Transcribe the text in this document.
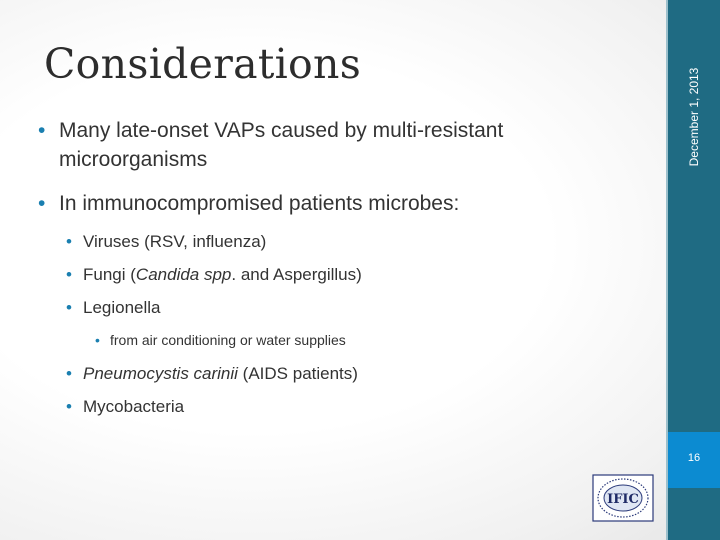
December 1, 2013
16
Considerations
• Many late-onset VAPs caused by multi-resistant
microorganisms
• In immunocompromised patients microbes:
• Viruses (RSV, influenza)
• Fungi (Candida spp. and Aspergillus)
• Legionella
• from air conditioning or water supplies
• Pneumocystis carinii (AIDS patients)
• Mycobacteria
IFIC
